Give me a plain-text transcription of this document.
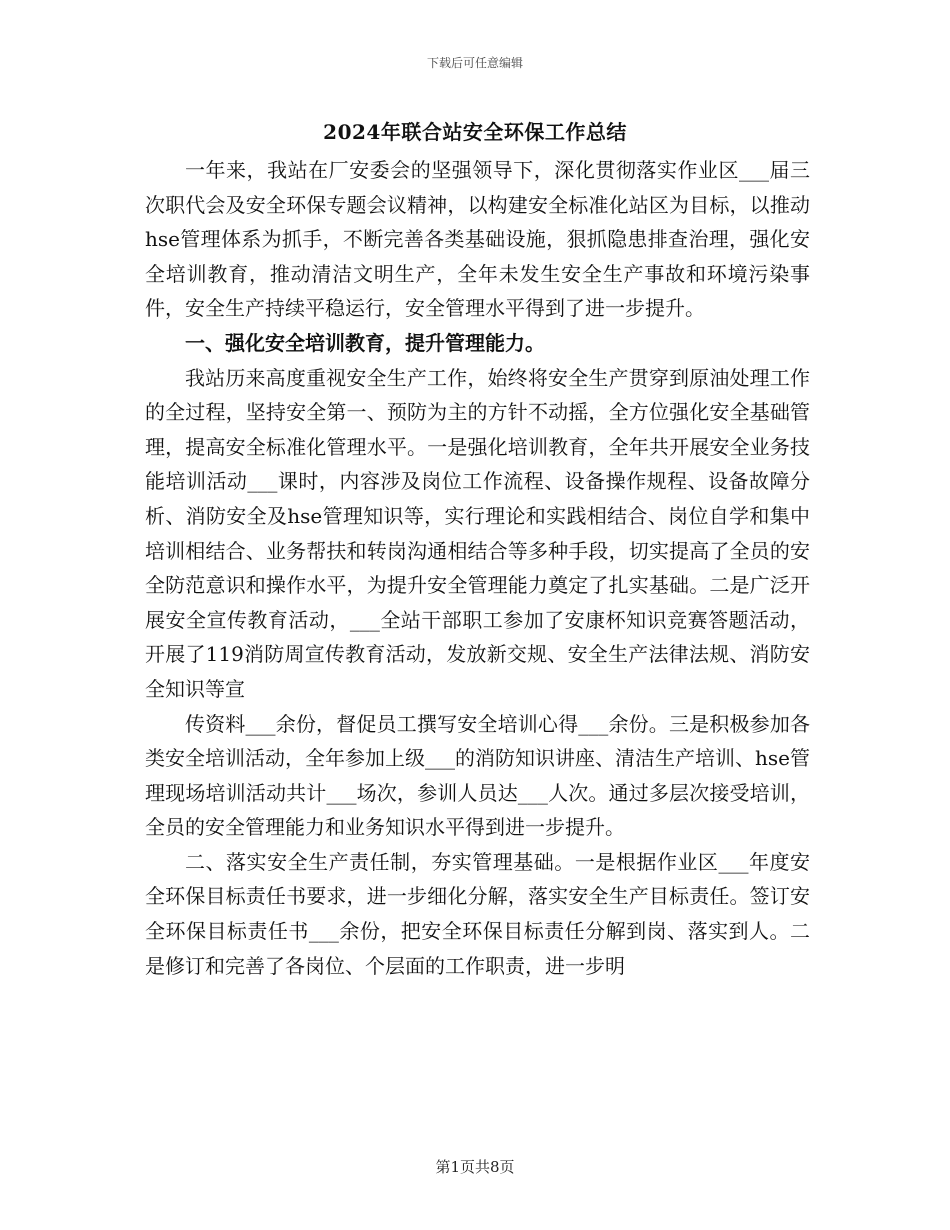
下载后可任意编辑
2024年联合站安全环保工作总结

一年来，我站在厂安委会的坚强领导下，深化贯彻落实作业区___届三次职代会及安全环保专题会议精神，以构建安全标准化站区为目标，以推动hse管理体系为抓手，不断完善各类基础设施，狠抓隐患排查治理，强化安全培训教育，推动清洁文明生产，全年未发生安全生产事故和环境污染事件，安全生产持续平稳运行，安全管理水平得到了进一步提升。

一、强化安全培训教育，提升管理能力。

我站历来高度重视安全生产工作，始终将安全生产贯穿到原油处理工作的全过程，坚持安全第一、预防为主的方针不动摇，全方位强化安全基础管理，提高安全标准化管理水平。一是强化培训教育，全年共开展安全业务技能培训活动___课时，内容涉及岗位工作流程、设备操作规程、设备故障分析、消防安全及hse管理知识等，实行理论和实践相结合、岗位自学和集中培训相结合、业务帮扶和转岗沟通相结合等多种手段，切实提高了全员的安全防范意识和操作水平，为提升安全管理能力奠定了扎实基础。二是广泛开展安全宣传教育活动，___全站干部职工参加了安康杯知识竞赛答题活动，开展了119消防周宣传教育活动，发放新交规、安全生产法律法规、消防安全知识等宣

传资料___余份，督促员工撰写安全培训心得___余份。三是积极参加各类安全培训活动，全年参加上级___的消防知识讲座、清洁生产培训、hse管理现场培训活动共计___场次，参训人员达___人次。通过多层次接受培训，全员的安全管理能力和业务知识水平得到进一步提升。

二、落实安全生产责任制，夯实管理基础。一是根据作业区___年度安全环保目标责任书要求，进一步细化分解，落实安全生产目标责任。签订安全环保目标责任书___余份，把安全环保目标责任分解到岗、落实到人。二是修订和完善了各岗位、个层面的工作职责，进一步明

第1页共8页
